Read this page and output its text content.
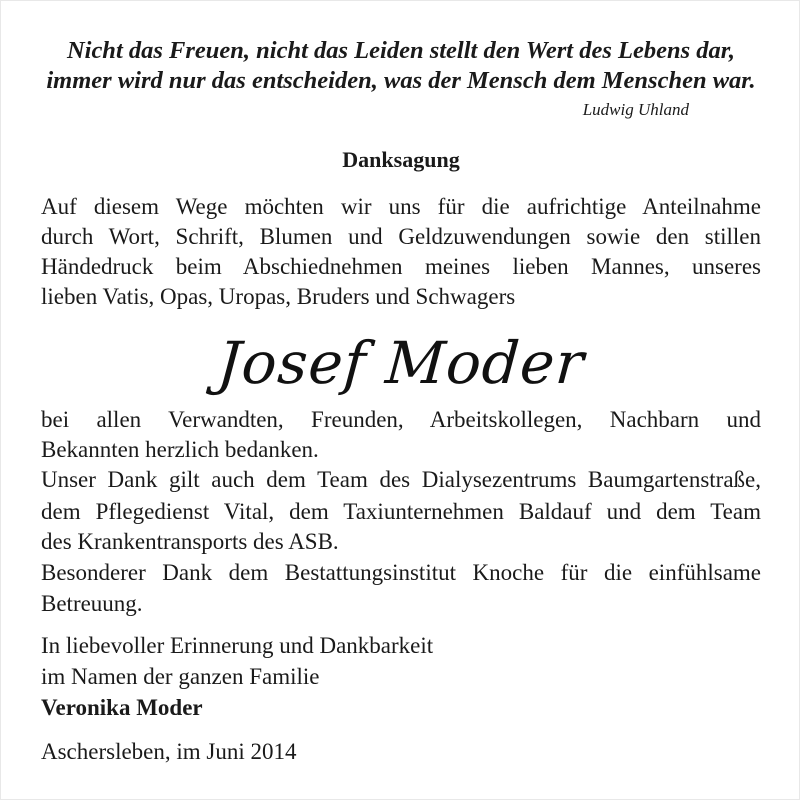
Nicht das Freuen, nicht das Leiden stellt den Wert des Lebens dar,
immer wird nur das entscheiden, was der Mensch dem Menschen war.
Ludwig Uhland
Danksagung
Auf diesem Wege möchten wir uns für die aufrichtige Anteilnahme
durch Wort, Schrift, Blumen und Geldzuwendungen sowie den stillen
Händedruck beim Abschiednehmen meines lieben Mannes, unseres
lieben Vatis, Opas, Uropas, Bruders und Schwagers
Josef Moder
bei allen Verwandten, Freunden, Arbeitskollegen, Nachbarn und
Bekannten herzlich bedanken.
Unser Dank gilt auch dem Team des Dialysezentrums Baumgartenstraße,
dem Pflegedienst Vital, dem Taxiunternehmen Baldauf und dem Team
des Krankentransports des ASB.
Besonderer Dank dem Bestattungsinstitut Knoche für die einfühlsame
Betreuung.
In liebevoller Erinnerung und Dankbarkeit
im Namen der ganzen Familie
Veronika Moder
Aschersleben, im Juni 2014
